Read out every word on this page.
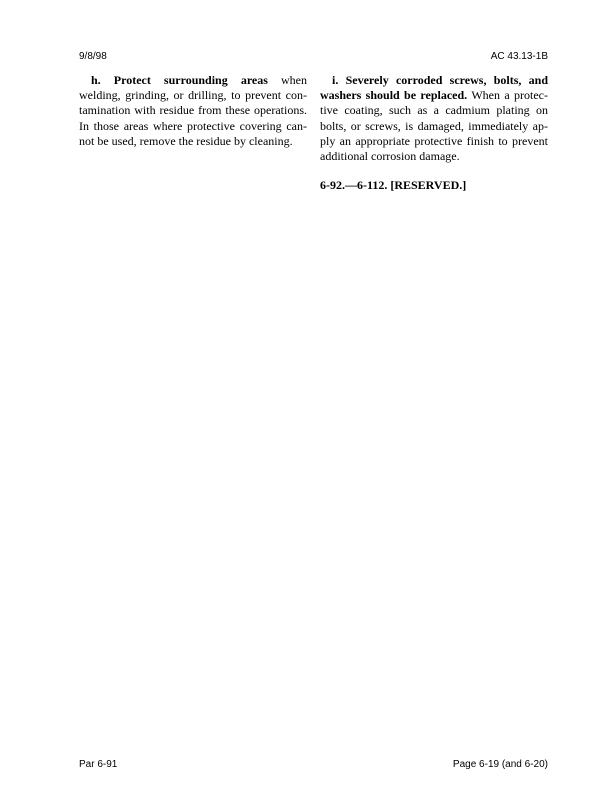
9/8/98	AC 43.13-1B

h. Protect surrounding areas when welding, grinding, or drilling, to prevent contamination with residue from these operations. In those areas where protective covering cannot be used, remove the residue by cleaning.

i. Severely corroded screws, bolts, and washers should be replaced. When a protective coating, such as a cadmium plating on bolts, or screws, is damaged, immediately apply an appropriate protective finish to prevent additional corrosion damage.

6-92.—6-112. [RESERVED.]
Par 6-91	Page 6-19 (and 6-20)
